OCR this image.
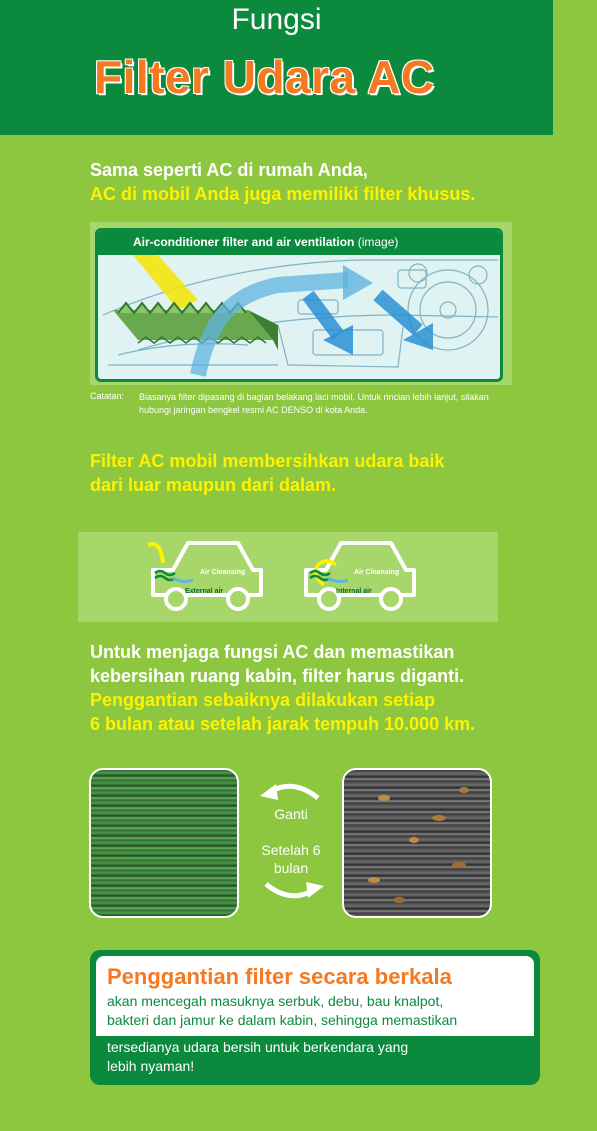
Fungsi
Filter Udara AC
Sama seperti AC di rumah Anda,
AC di mobil Anda juga memiliki filter khusus.
Air-conditioner filter and air ventilation (image)
Catatan: Biasanya filter dipasang di bagian belakang laci mobil. Untuk rincian lebih lanjut, silakan hubungi jaringan bengkel resmi AC DENSO di kota Anda.
Filter AC mobil membersihkan udara baik
dari luar maupun dari dalam.
Air Cleansing
External air
Air Cleansing
Internal air
Untuk menjaga fungsi AC dan memastikan
kebersihan ruang kabin, filter harus diganti.
Penggantian sebaiknya dilakukan setiap
6 bulan atau setelah jarak tempuh 10.000 km.
Ganti
Setelah 6
bulan
Penggantian filter secara berkala
akan mencegah masuknya serbuk, debu, bau knalpot,
bakteri dan jamur ke dalam kabin, sehingga memastikan
tersedianya udara bersih untuk berkendara yang
lebih nyaman!
